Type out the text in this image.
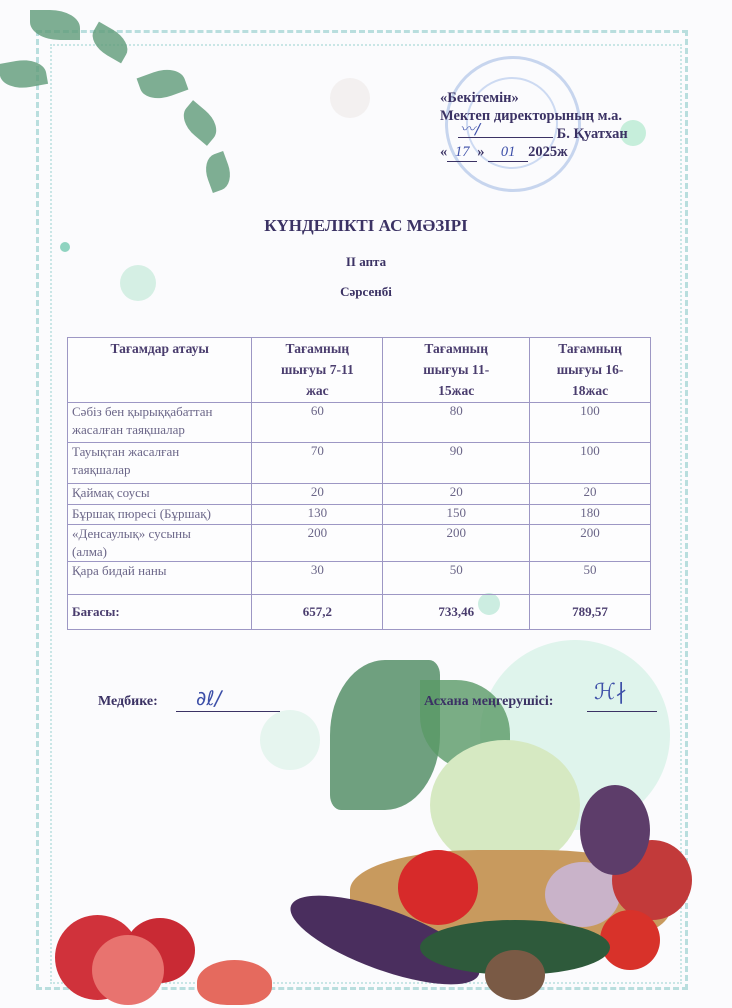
«Бекітемін»
Мектеп директорының м.а.
Б. Қуатхан
« 17 » 01 2025ж
〰∕
КҮНДЕЛІКТІ АС МӘЗІРІ
II апта
Сәрсенбі
Тағамдар атауы	Тағамның шығуы 7-11 жас	Тағамның шығуы 11-15жас	Тағамның шығуы 16-18жас
Сәбіз бен қырыққабаттан жасалған таяқшалар	60	80	100
Тауықтан жасалған таяқшалар	70	90	100
Қаймақ соусы	20	20	20
Бұршақ пюресі (Бұршақ)	130	150	180
«Денсаулық» сусыны (алма)	200	200	200
Қара бидай наны	30	50	50
Бағасы:	657,2	733,46	789,57
Медбике: ∂ℓ∕	Асхана меңгерушісі: ℋ∤
